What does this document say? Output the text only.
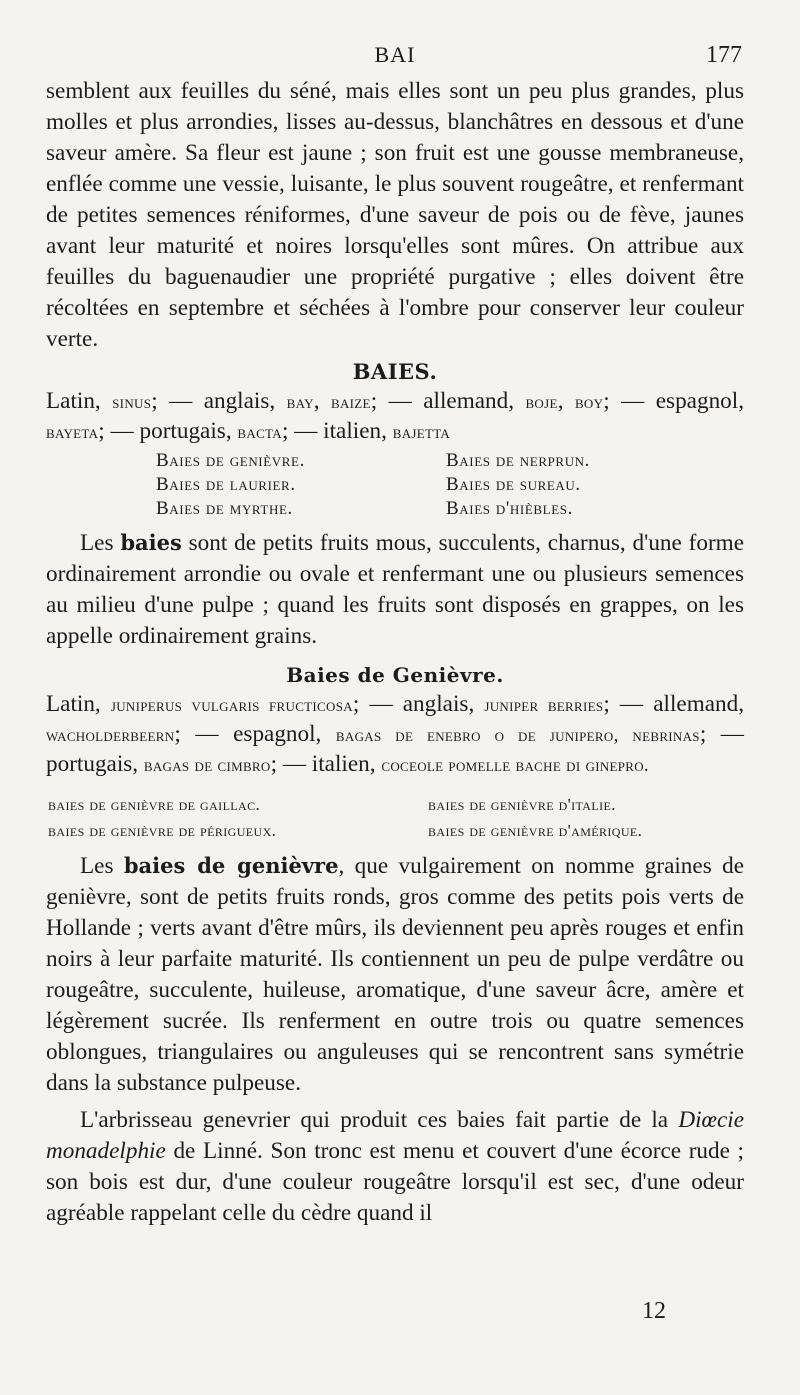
BAI	177

semblent aux feuilles du séné, mais elles sont un peu plus grandes, plus molles et plus arrondies, lisses au-dessus, blanchâtres en dessous et d'une saveur amère. Sa fleur est jaune ; son fruit est une gousse membraneuse, enflée comme une vessie, luisante, le plus souvent rougeâtre, et renfermant de petites semences réniformes, d'une saveur de pois ou de fève, jaunes avant leur maturité et noires lorsqu'elles sont mûres. On attribue aux feuilles du baguenaudier une propriété purgative ; elles doivent être récoltées en septembre et séchées à l'ombre pour conserver leur couleur verte.

BAIES.

Latin, sinus; — anglais, bay, baize; — allemand, boje, boy; — espagnol, bayeta; — portugais, bacta; — italien, bajetta

Baies de genièvre.	Baies de nerprun.
Baies de laurier.	Baies de sureau.
Baies de myrthe.	Baies d'hièbles.

Les baies sont de petits fruits mous, succulents, charnus, d'une forme ordinairement arrondie ou ovale et renfermant une ou plusieurs semences au milieu d'une pulpe ; quand les fruits sont disposés en grappes, on les appelle ordinairement grains.

Baies de Genièvre.

Latin, juniperus vulgaris fructicosa; — anglais, juniper berries; — allemand, wacholderbeern; — espagnol, bagas de enebro o de junipero, nebrinas; — portugais, bagas de cimbro; — italien, coceole pomelle bache di ginepro.

baies de genièvre de gaillac.	baies de genièvre d'italie.
baies de genièvre de périgueux.	baies de genièvre d'amérique.

Les baies de genièvre, que vulgairement on nomme graines de genièvre, sont de petits fruits ronds, gros comme des petits pois verts de Hollande ; verts avant d'être mûrs, ils deviennent peu après rouges et enfin noirs à leur parfaite maturité. Ils contiennent un peu de pulpe verdâtre ou rougeâtre, succulente, huileuse, aromatique, d'une saveur âcre, amère et légèrement sucrée. Ils renferment en outre trois ou quatre semences oblongues, triangulaires ou anguleuses qui se rencontrent sans symétrie dans la substance pulpeuse.

L'arbrisseau genevrier qui produit ces baies fait partie de la Diœcie monadelphie de Linné. Son tronc est menu et couvert d'une écorce rude ; son bois est dur, d'une couleur rougeâtre lorsqu'il est sec, d'une odeur agréable rappelant celle du cèdre quand il

12
